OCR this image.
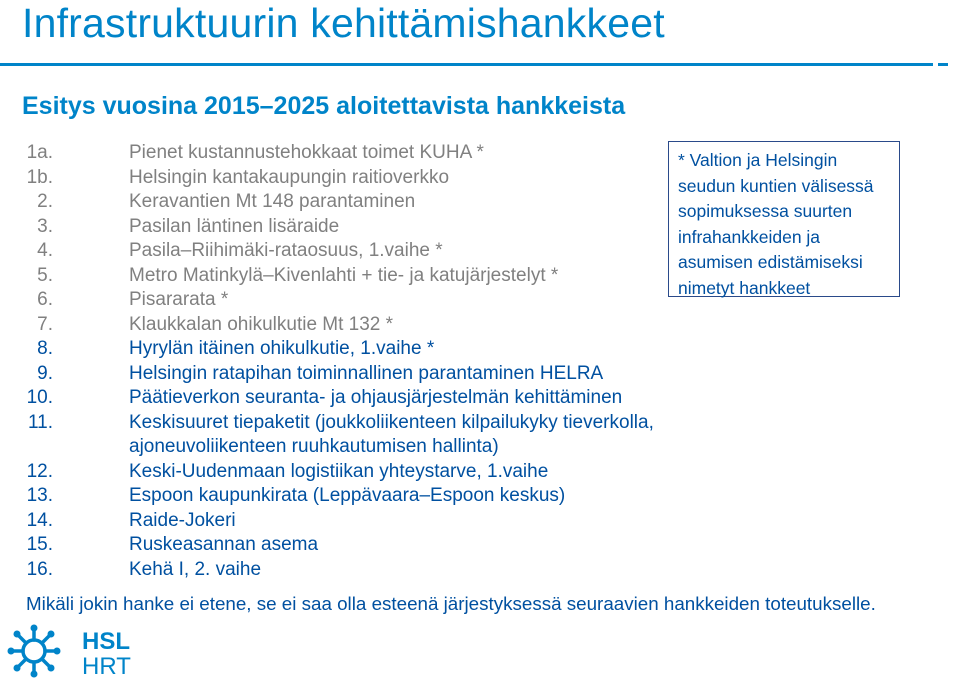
Infrastruktuurin kehittämishankkeet
Esitys vuosina 2015–2025 aloitettavista hankkeista
1a.	Pienet kustannustehokkaat toimet KUHA *
1b.	Helsingin kantakaupungin raitioverkko
2.	Keravantien Mt 148 parantaminen
3.	Pasilan läntinen lisäraide
4.	Pasila–Riihimäki-rataosuus, 1.vaihe *
5.	Metro Matinkylä–Kivenlahti + tie- ja katujärjestelyt *
6.	Pisararata *
7.	Klaukkalan ohikulkutie Mt 132 *
8.	Hyrylän itäinen ohikulkutie, 1.vaihe *
9.	Helsingin ratapihan toiminnallinen parantaminen HELRA
10.	Päätieverkon seuranta- ja ohjausjärjestelmän kehittäminen
11.	Keskisuuret tiepaketit (joukkoliikenteen kilpailukyky tieverkolla,
ajoneuvoliikenteen ruuhkautumisen hallinta)
12.	Keski-Uudenmaan logistiikan yhteystarve, 1.vaihe
13.	Espoon kaupunkirata (Leppävaara–Espoon keskus)
14.	Raide-Jokeri
15.	Ruskeasannan asema
16.	Kehä I, 2. vaihe
* Valtion ja Helsingin
seudun kuntien välisessä
sopimuksessa suurten
infrahankkeiden ja
asumisen edistämiseksi
nimetyt hankkeet

Mikäli jokin hanke ei etene, se ei saa olla esteenä järjestyksessä seuraavien hankkeiden toteutukselle.

HSL
HRT
